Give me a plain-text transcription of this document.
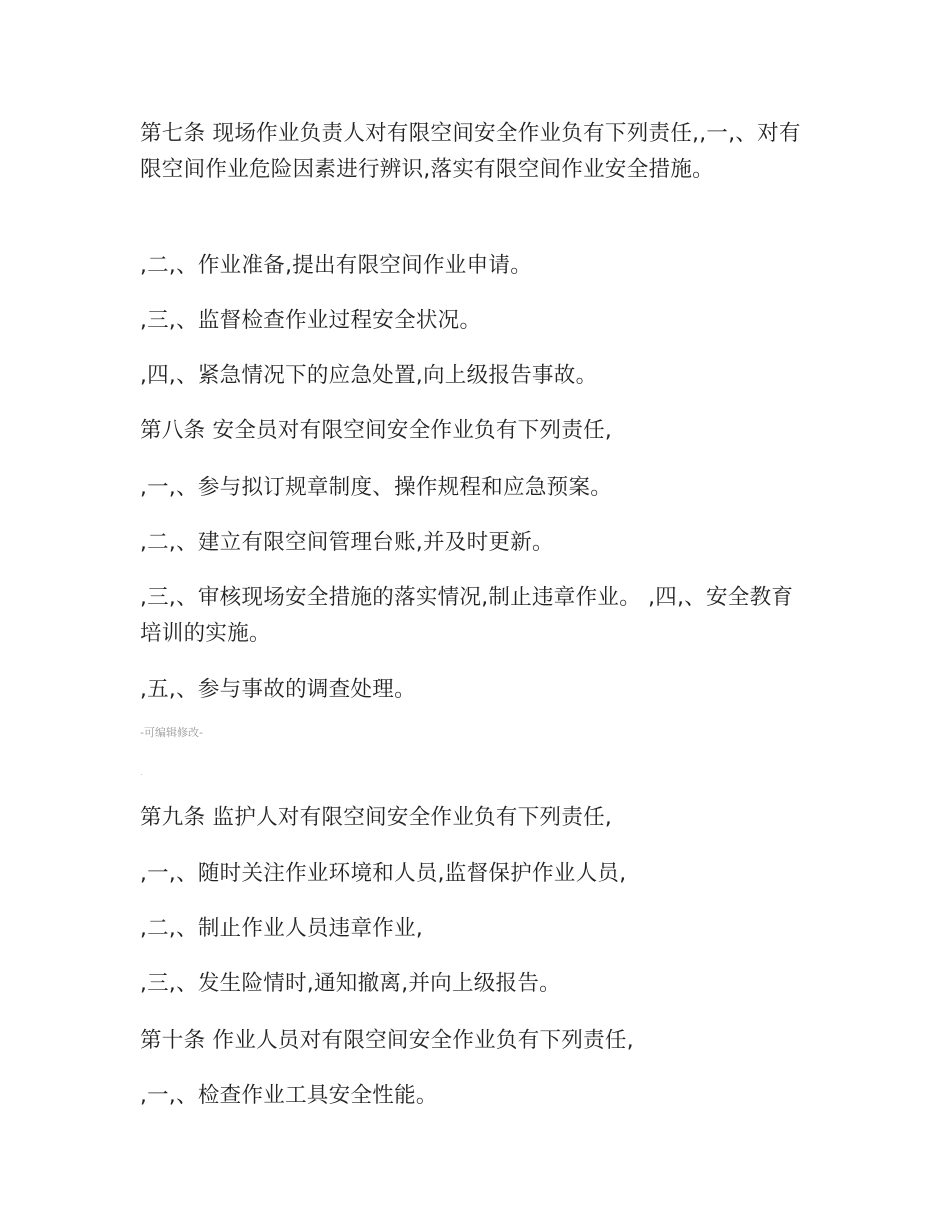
第七条 现场作业负责人对有限空间安全作业负有下列责任,,一,、对有限空间作业危险因素进行辨识,落实有限空间作业安全措施。

,二,、作业准备,提出有限空间作业申请。

,三,、监督检查作业过程安全状况。

,四,、紧急情况下的应急处置,向上级报告事故。

第八条 安全员对有限空间安全作业负有下列责任,

,一,、参与拟订规章制度、操作规程和应急预案。

,二,、建立有限空间管理台账,并及时更新。

,三,、审核现场安全措施的落实情况,制止违章作业。 ,四,、安全教育培训的实施。

,五,、参与事故的调查处理。

-可编辑修改-

.

第九条 监护人对有限空间安全作业负有下列责任,

,一,、随时关注作业环境和人员,监督保护作业人员,

,二,、制止作业人员违章作业,

,三,、发生险情时,通知撤离,并向上级报告。

第十条 作业人员对有限空间安全作业负有下列责任,

,一,、检查作业工具安全性能。
